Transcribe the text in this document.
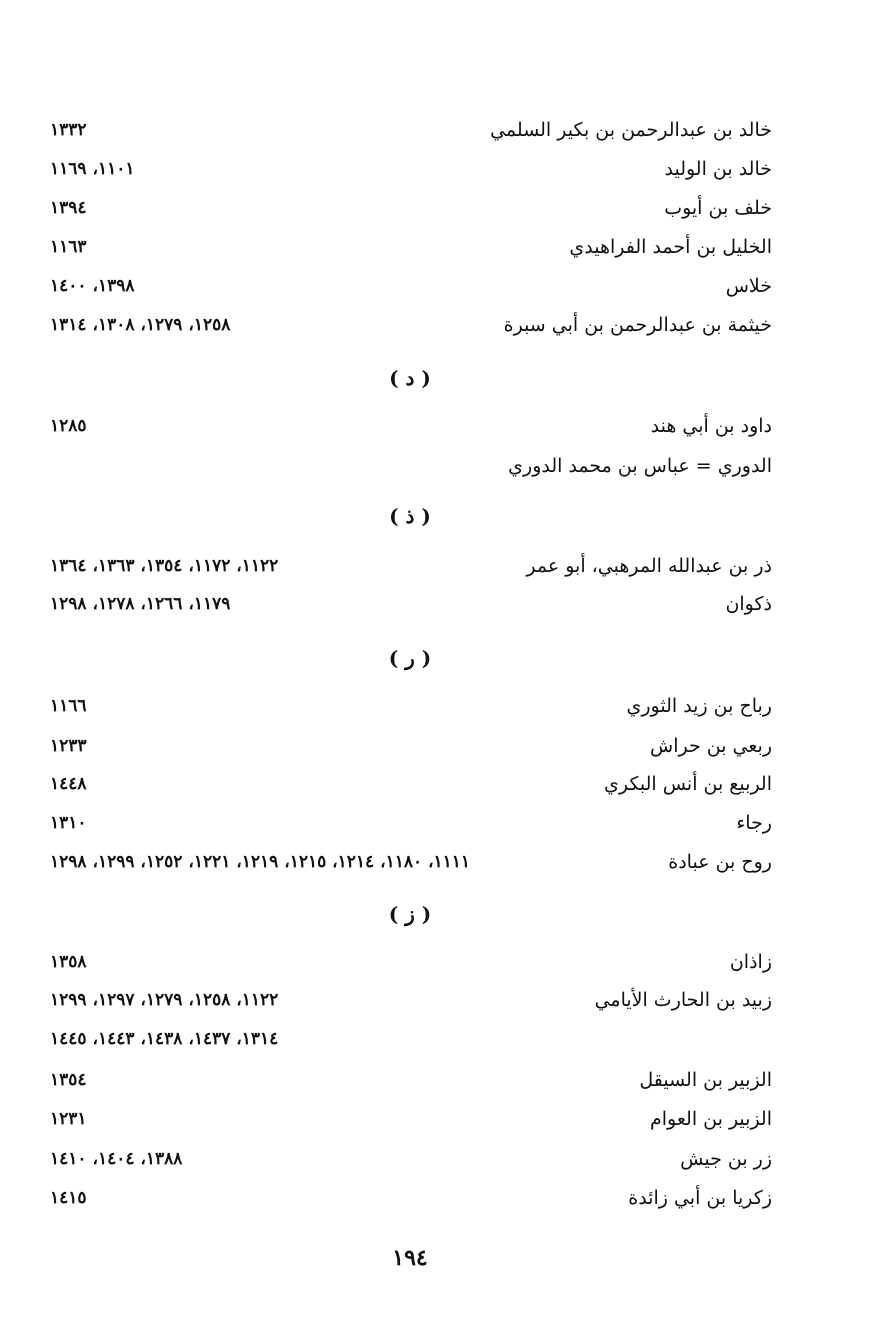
خالد بن عبدالرحمن بن بكير السلمي
١٣٣٢
خالد بن الوليد
١١٠١، ١١٦٩
خلف بن أيوب
١٣٩٤
الخليل بن أحمد الفراهيدي
١١٦٣
خلاس
١٣٩٨، ١٤٠٠
خيثمة بن عبدالرحمن بن أبي سبرة
١٢٥٨، ١٢٧٩، ١٣٠٨، ١٣١٤
( د )
داود بن أبي هند
١٢٨٥
الدوري = عباس بن محمد الدوري
( ذ )
ذر بن عبدالله المرهبي، أبو عمر
١١٢٢، ١١٧٢، ١٣٥٤، ١٣٦٣، ١٣٦٤
ذكوان
١١٧٩، ١٢٦٦، ١٢٧٨، ١٢٩٨
( ر )
رباح بن زيد الثوري
١١٦٦
ربعي بن حراش
١٢٣٣
الربيع بن أنس البكري
١٤٤٨
رجاء
١٣١٠
روح بن عبادة
١١١١، ١١٨٠، ١٢١٤، ١٢١٥، ١٢١٩، ١٢٢١، ١٢٥٢، ١٢٩٩، ١٢٩٨
( ز )
زاذان
١٣٥٨
زبيد بن الحارث الأيامي
١١٢٢، ١٢٥٨، ١٢٧٩، ١٢٩٧، ١٢٩٩
١٣١٤، ١٤٣٧، ١٤٣٨، ١٤٤٣، ١٤٤٥
الزبير بن السيقل
١٣٥٤
الزبير بن العوام
١٢٣١
زر بن جيش
١٣٨٨، ١٤٠٤، ١٤١٠
زكريا بن أبي زائدة
١٤١٥
١٩٤
